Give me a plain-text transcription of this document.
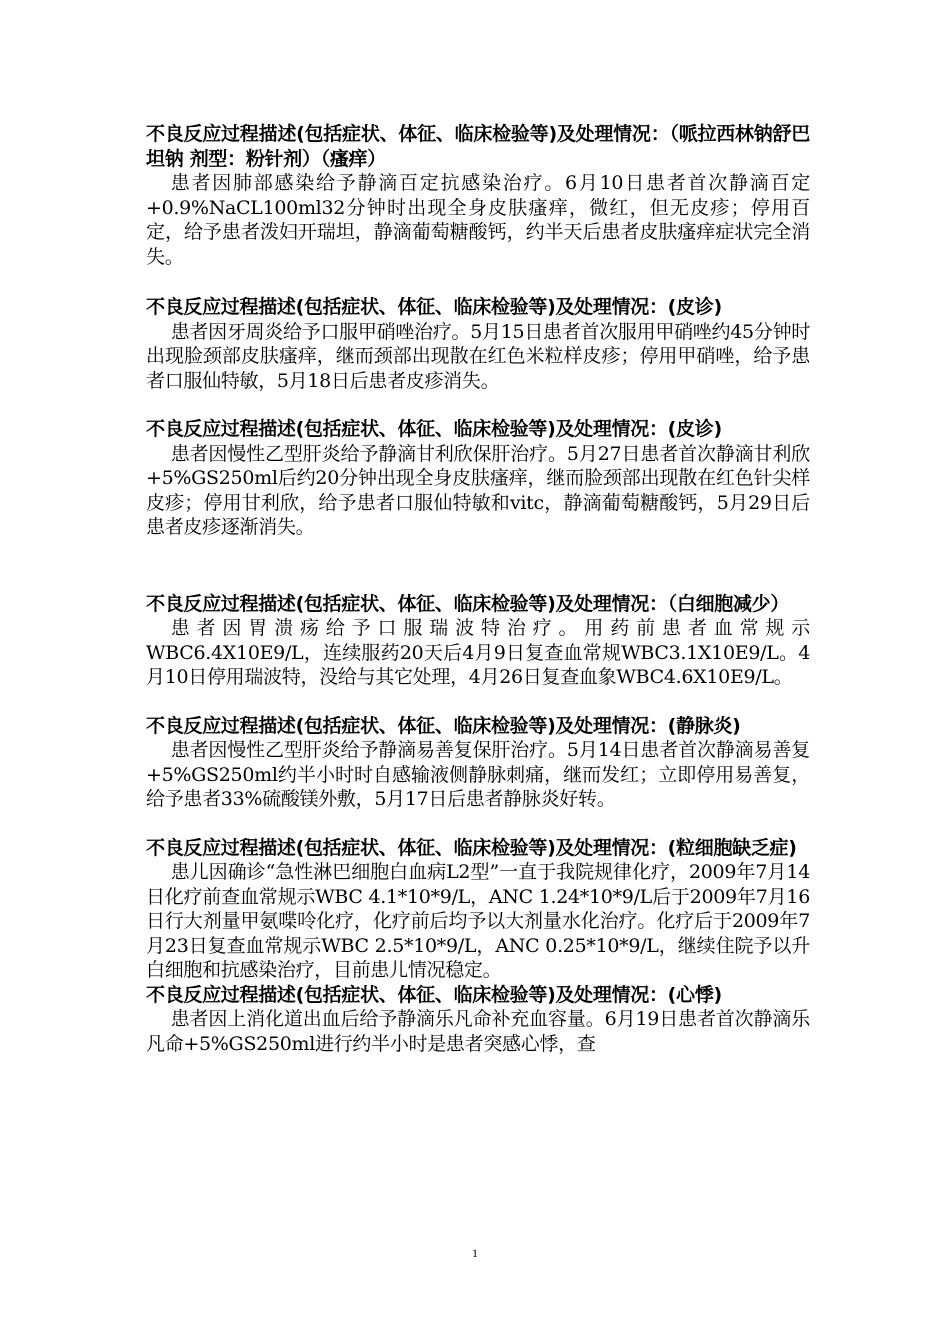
不良反应过程描述(包括症状、体征、临床检验等)及处理情况：（哌拉西林钠舒巴坦钠 剂型：粉针剂）（瘙痒）

患者因肺部感染给予静滴百定抗感染治疗。6月10日患者首次静滴百定+0.9%NaCL100ml32分钟时出现全身皮肤瘙痒，微红，但无皮疹；停用百定，给予患者泼妇开瑞坦，静滴葡萄糖酸钙，约半天后患者皮肤瘙痒症状完全消失。

不良反应过程描述(包括症状、体征、临床检验等)及处理情况：(皮诊)

患者因牙周炎给予口服甲硝唑治疗。5月15日患者首次服用甲硝唑约45分钟时出现脸颈部皮肤瘙痒，继而颈部出现散在红色米粒样皮疹；停用甲硝唑，给予患者口服仙特敏，5月18日后患者皮疹消失。

不良反应过程描述(包括症状、体征、临床检验等)及处理情况：(皮诊)

患者因慢性乙型肝炎给予静滴甘利欣保肝治疗。5月27日患者首次静滴甘利欣+5%GS250ml后约20分钟出现全身皮肤瘙痒，继而脸颈部出现散在红色针尖样皮疹；停用甘利欣，给予患者口服仙特敏和vitc，静滴葡萄糖酸钙，5月29日后患者皮疹逐渐消失。

不良反应过程描述(包括症状、体征、临床检验等)及处理情况：（白细胞减少）

患者因胃溃疡给予口服瑞波特治疗。用药前患者血常规示WBC6.4X10E9/L，连续服药20天后4月9日复查血常规WBC3.1X10E9/L。4月10日停用瑞波特，没给与其它处理，4月26日复查血象WBC4.6X10E9/L。

不良反应过程描述(包括症状、体征、临床检验等)及处理情况：(静脉炎)

患者因慢性乙型肝炎给予静滴易善复保肝治疗。5月14日患者首次静滴易善复+5%GS250ml约半小时时自感输液侧静脉刺痛，继而发红；立即停用易善复，给予患者33%硫酸镁外敷，5月17日后患者静脉炎好转。

不良反应过程描述(包括症状、体征、临床检验等)及处理情况：(粒细胞缺乏症)

患儿因确诊“急性淋巴细胞白血病L2型”一直于我院规律化疗，2009年7月14日化疗前查血常规示WBC 4.1*10*9/L，ANC 1.24*10*9/L后于2009年7月16日行大剂量甲氨喋呤化疗，化疗前后均予以大剂量水化治疗。化疗后于2009年7月23日复查血常规示WBC 2.5*10*9/L，ANC 0.25*10*9/L，继续住院予以升白细胞和抗感染治疗，目前患儿情况稳定。

不良反应过程描述(包括症状、体征、临床检验等)及处理情况：(心悸)

患者因上消化道出血后给予静滴乐凡命补充血容量。6月19日患者首次静滴乐凡命+5%GS250ml进行约半小时是患者突感心悸，查

1
